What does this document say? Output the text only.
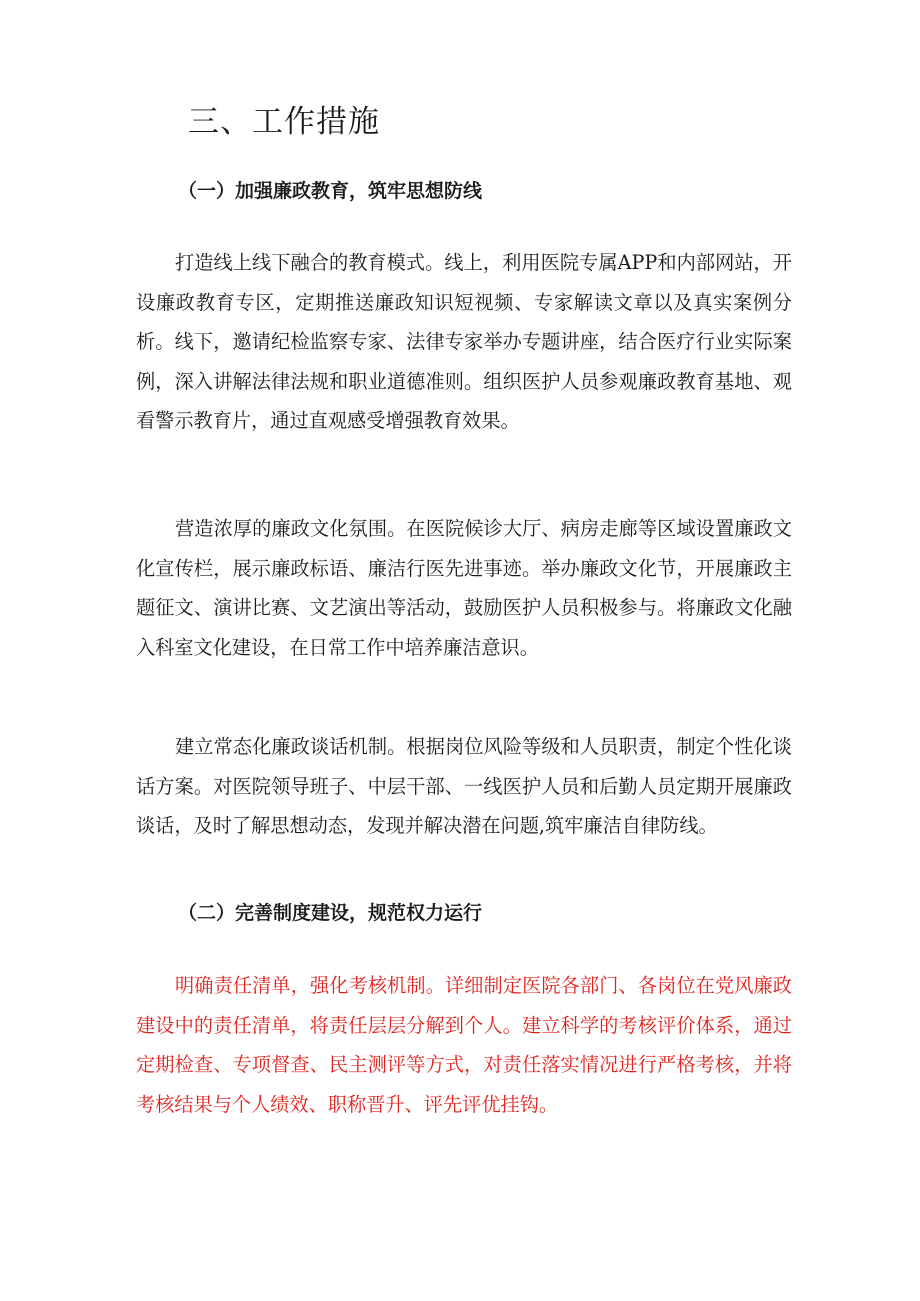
三、工作措施
（一）加强廉政教育，筑牢思想防线

打造线上线下融合的教育模式。线上，利用医院专属APP和内部网站，开设廉政教育专区，定期推送廉政知识短视频、专家解读文章以及真实案例分析。线下，邀请纪检监察专家、法律专家举办专题讲座，结合医疗行业实际案例，深入讲解法律法规和职业道德准则。组织医护人员参观廉政教育基地、观看警示教育片，通过直观感受增强教育效果。

营造浓厚的廉政文化氛围。在医院候诊大厅、病房走廊等区域设置廉政文化宣传栏，展示廉政标语、廉洁行医先进事迹。举办廉政文化节，开展廉政主题征文、演讲比赛、文艺演出等活动，鼓励医护人员积极参与。将廉政文化融入科室文化建设，在日常工作中培养廉洁意识。

建立常态化廉政谈话机制。根据岗位风险等级和人员职责，制定个性化谈话方案。对医院领导班子、中层干部、一线医护人员和后勤人员定期开展廉政谈话，及时了解思想动态，发现并解决潜在问题,筑牢廉洁自律防线。

（二）完善制度建设，规范权力运行

明确责任清单，强化考核机制。详细制定医院各部门、各岗位在党风廉政建设中的责任清单，将责任层层分解到个人。建立科学的考核评价体系，通过定期检查、专项督查、民主测评等方式，对责任落实情况进行严格考核，并将考核结果与个人绩效、职称晋升、评先评优挂钩。
